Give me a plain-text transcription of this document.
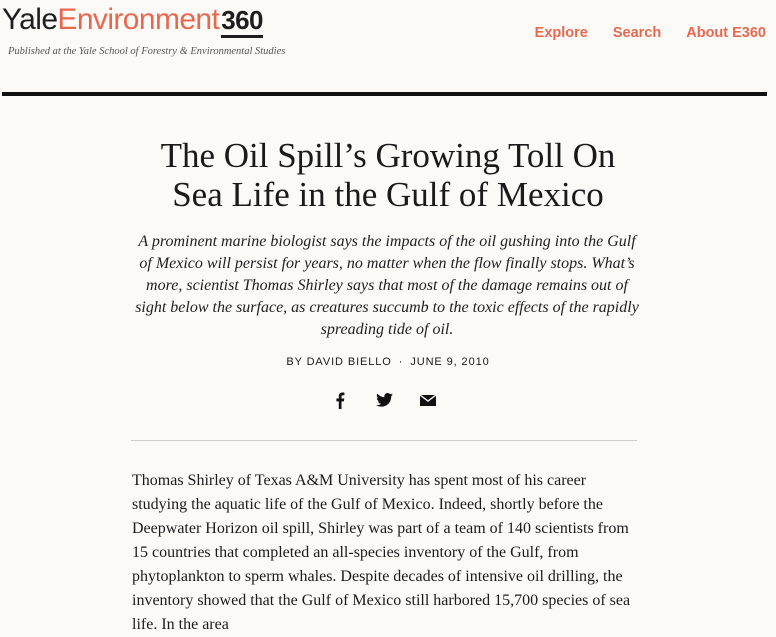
YaleEnvironment360
Published at the Yale School of Forestry & Environmental Studies
Explore Search About E360
The Oil Spill’s Growing Toll On
Sea Life in the Gulf of Mexico
A prominent marine biologist says the impacts of the oil gushing into the Gulf of Mexico will persist for years, no matter when the flow finally stops. What’s more, scientist Thomas Shirley says that most of the damage remains out of sight below the surface, as creatures succumb to the toxic effects of the rapidly spreading tide of oil.
BY DAVID BIELLO · JUNE 9, 2010

Thomas Shirley of Texas A&M University has spent most of his career studying the aquatic life of the Gulf of Mexico. Indeed, shortly before the Deepwater Horizon oil spill, Shirley was part of a team of 140 scientists from 15 countries that completed an all-species inventory of the Gulf, from phytoplankton to sperm whales. Despite decades of intensive oil drilling, the inventory showed that the Gulf of Mexico still harbored 15,700 species of sea life. In the area
